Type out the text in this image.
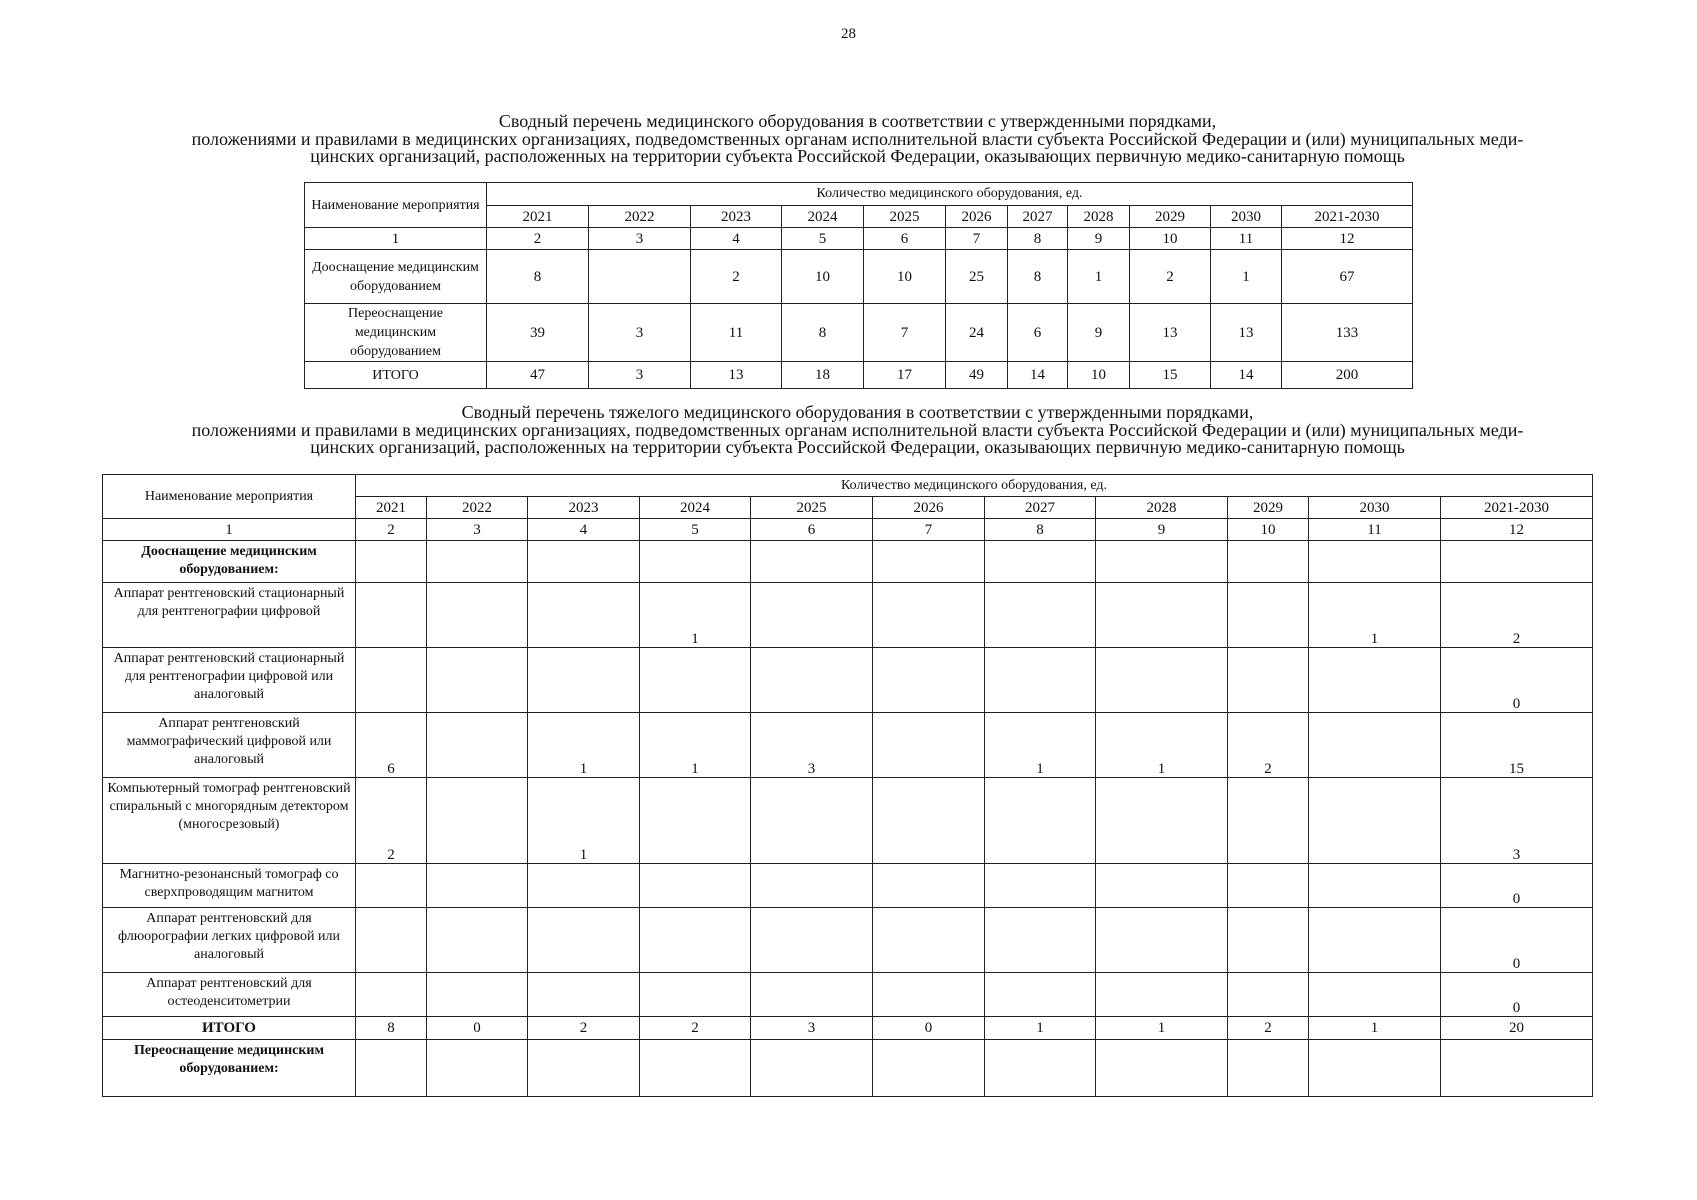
28
Сводный перечень медицинского оборудования в соответствии с утвержденными порядками,
положениями и правилами в медицинских организациях, подведомственных органам исполнительной власти субъекта Российской Федерации и (или) муниципальных меди-
цинских организаций, расположенных на территории субъекта Российской Федерации, оказывающих первичную медико-санитарную помощь
Наименование мероприятия	Количество медицинского оборудования, ед.										
	2021	2022	2023	2024	2025	2026	2027	2028	2029	2030	2021-2030
1	2	3	4	5	6	7	8	9	10	11	12
Дооснащение медицинским оборудованием	8		2	10	10	25	8	1	2	1	67
Переоснащение медицинским оборудованием	39	3	11	8	7	24	6	9	13	13	133
ИТОГО	47	3	13	18	17	49	14	10	15	14	200
Сводный перечень тяжелого медицинского оборудования в соответствии с утвержденными порядками,
положениями и правилами в медицинских организациях, подведомственных органам исполнительной власти субъекта Российской Федерации и (или) муниципальных меди-
цинских организаций, расположенных на территории субъекта Российской Федерации, оказывающих первичную медико-санитарную помощь
Наименование мероприятия	Количество медицинского оборудования, ед.										
	2021	2022	2023	2024	2025	2026	2027	2028	2029	2030	2021-2030
1	2	3	4	5	6	7	8	9	10	11	12
Дооснащение медицинским оборудованием:											
Аппарат рентгеновский стационарный для рентгенографии цифровой				1						1	2
Аппарат рентгеновский стационарный для рентгенографии цифровой или аналоговый											0
Аппарат рентгеновский маммографический цифровой или аналоговый	6		1	1	3		1	1	2		15
Компьютерный томограф рентгеновский спиральный с многорядным детектором (многосрезовый)	2		1								3
Магнитно-резонансный томограф со сверхпроводящим магнитом											0
Аппарат рентгеновский для флюорографии легких цифровой или аналоговый											0
Аппарат рентгеновский для остеоденситометрии											0
ИТОГО	8	0	2	2	3	0	1	1	2	1	20
Переоснащение медицинским оборудованием:											
